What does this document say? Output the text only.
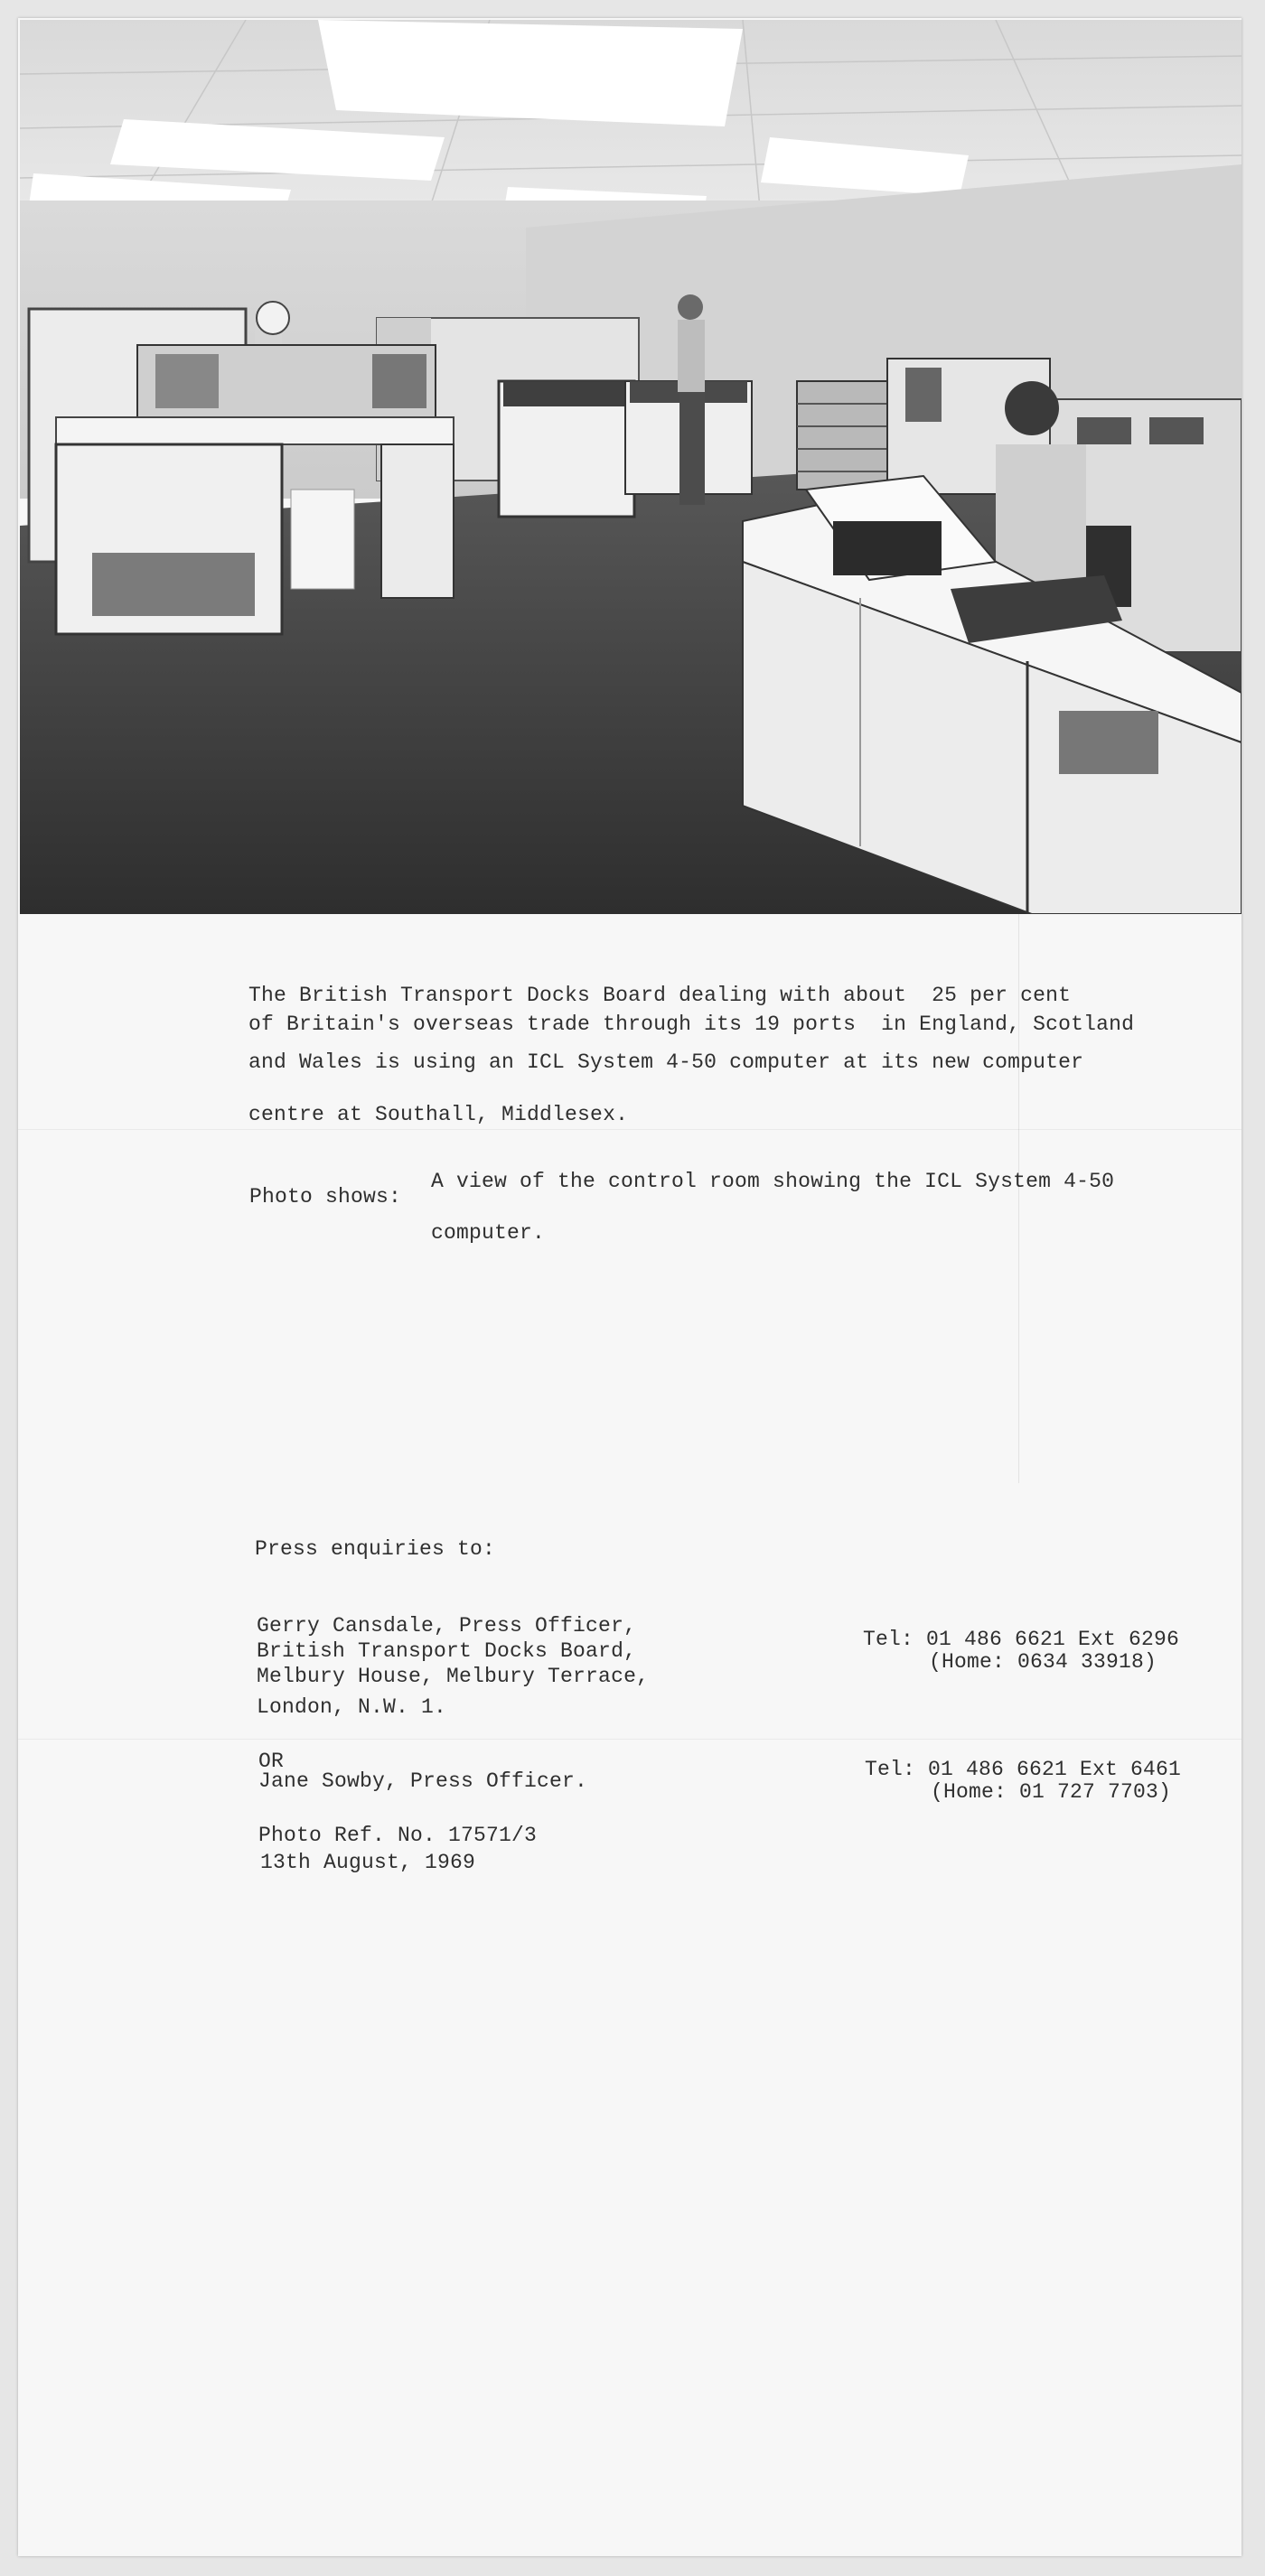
The British Transport Docks Board dealing with about  25 per cent
of Britain's overseas trade through its 19 ports  in England, Scotland
and Wales is using an ICL System 4-50 computer at its new computer
centre at Southall, Middlesex.
Photo shows:
A view of the control room showing the ICL System 4-50
computer.
Press enquiries to:
Gerry Cansdale, Press Officer,
British Transport Docks Board,
Melbury House, Melbury Terrace,
London, N.W. 1.
Tel: 01 486 6621 Ext 6296
(Home: 0634 33918)
OR
Jane Sowby, Press Officer.	Tel: 01 486 6621 Ext 6461
(Home: 01 727 7703)
Photo Ref. No. 17571/3
13th August, 1969
